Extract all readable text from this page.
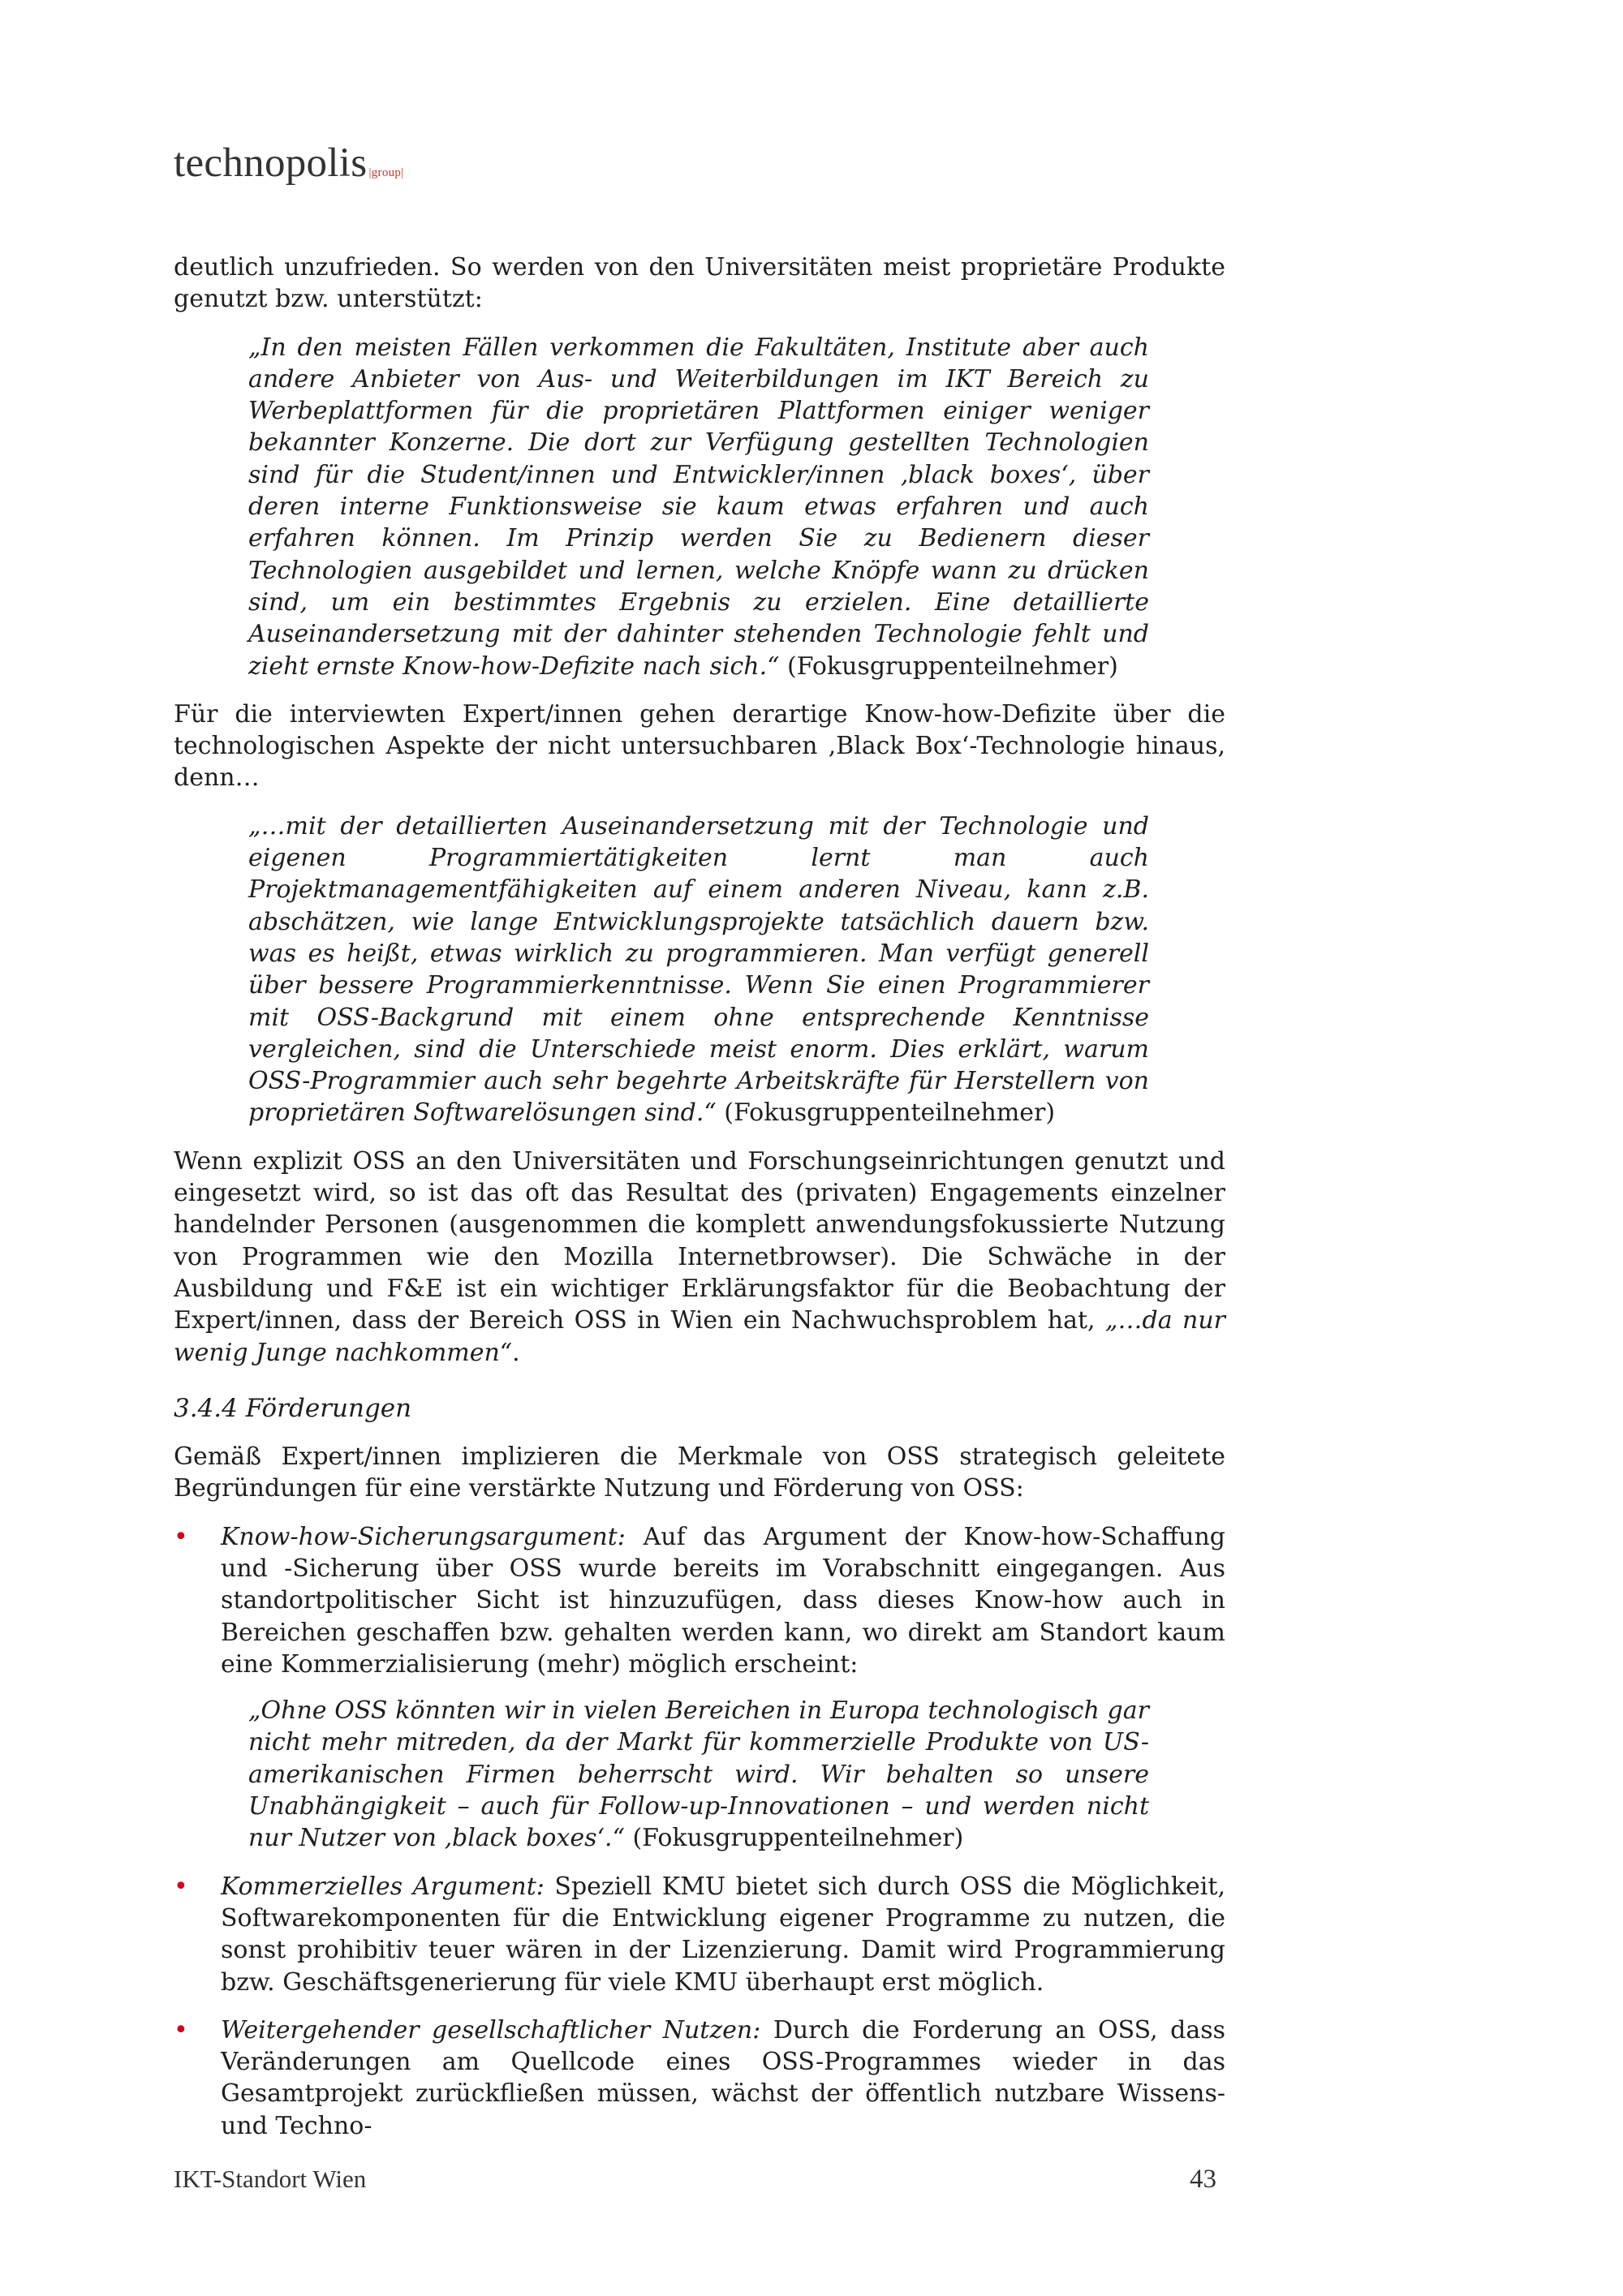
technopolis |group|
deutlich unzufrieden. So werden von den Universitäten meist proprietäre Produkte genutzt bzw. unterstützt:
„In den meisten Fällen verkommen die Fakultäten, Institute aber auch andere Anbieter von Aus- und Weiterbildungen im IKT Bereich zu Werbeplattformen für die proprietären Plattformen einiger weniger bekannter Konzerne. Die dort zur Verfügung gestellten Technologien sind für die Student/innen und Entwickler/innen ‚black boxes‘, über deren interne Funktionsweise sie kaum etwas erfahren und auch erfahren können. Im Prinzip werden Sie zu Bedienern dieser Technologien ausgebildet und lernen, welche Knöpfe wann zu drücken sind, um ein bestimmtes Ergebnis zu erzielen. Eine detaillierte Auseinandersetzung mit der dahinter stehenden Technologie fehlt und zieht ernste Know-how-Defizite nach sich.“ (Fokusgruppenteilnehmer)
Für die interviewten Expert/innen gehen derartige Know-how-Defizite über die technologischen Aspekte der nicht untersuchbaren ‚Black Box‘-Technologie hinaus, denn…
„…mit der detaillierten Auseinandersetzung mit der Technologie und eigenen Programmiertätigkeiten lernt man auch Projektmanagementfähigkeiten auf einem anderen Niveau, kann z.B. abschätzen, wie lange Entwicklungsprojekte tatsächlich dauern bzw. was es heißt, etwas wirklich zu programmieren. Man verfügt generell über bessere Programmierkenntnisse. Wenn Sie einen Programmierer mit OSS-Backgrund mit einem ohne entsprechende Kenntnisse vergleichen, sind die Unterschiede meist enorm. Dies erklärt, warum OSS-Programmier auch sehr begehrte Arbeitskräfte für Herstellern von proprietären Softwarelösungen sind.“ (Fokusgruppenteilnehmer)
Wenn explizit OSS an den Universitäten und Forschungseinrichtungen genutzt und eingesetzt wird, so ist das oft das Resultat des (privaten) Engagements einzelner handelnder Personen (ausgenommen die komplett anwendungsfokussierte Nutzung von Programmen wie den Mozilla Internetbrowser). Die Schwäche in der Ausbildung und F&E ist ein wichtiger Erklärungsfaktor für die Beobachtung der Expert/innen, dass der Bereich OSS in Wien ein Nachwuchsproblem hat, „…da nur wenig Junge nachkommen“.
3.4.4 Förderungen
Gemäß Expert/innen implizieren die Merkmale von OSS strategisch geleitete Begründungen für eine verstärkte Nutzung und Förderung von OSS:
• Know-how-Sicherungsargument: Auf das Argument der Know-how-Schaffung und -Sicherung über OSS wurde bereits im Vorabschnitt eingegangen. Aus standortpolitischer Sicht ist hinzuzufügen, dass dieses Know-how auch in Bereichen geschaffen bzw. gehalten werden kann, wo direkt am Standort kaum eine Kommerzialisierung (mehr) möglich erscheint:
„Ohne OSS könnten wir in vielen Bereichen in Europa technologisch gar nicht mehr mitreden, da der Markt für kommerzielle Produkte von US-amerikanischen Firmen beherrscht wird. Wir behalten so unsere Unabhängigkeit – auch für Follow-up-Innovationen – und werden nicht nur Nutzer von ‚black boxes‘.“ (Fokusgruppenteilnehmer)
• Kommerzielles Argument: Speziell KMU bietet sich durch OSS die Möglichkeit, Softwarekomponenten für die Entwicklung eigener Programme zu nutzen, die sonst prohibitiv teuer wären in der Lizenzierung. Damit wird Programmierung bzw. Geschäftsgenerierung für viele KMU überhaupt erst möglich.
• Weitergehender gesellschaftlicher Nutzen: Durch die Forderung an OSS, dass Veränderungen am Quellcode eines OSS-Programmes wieder in das Gesamtprojekt zurückfließen müssen, wächst der öffentlich nutzbare Wissens- und Techno-
IKT-Standort Wien	43
